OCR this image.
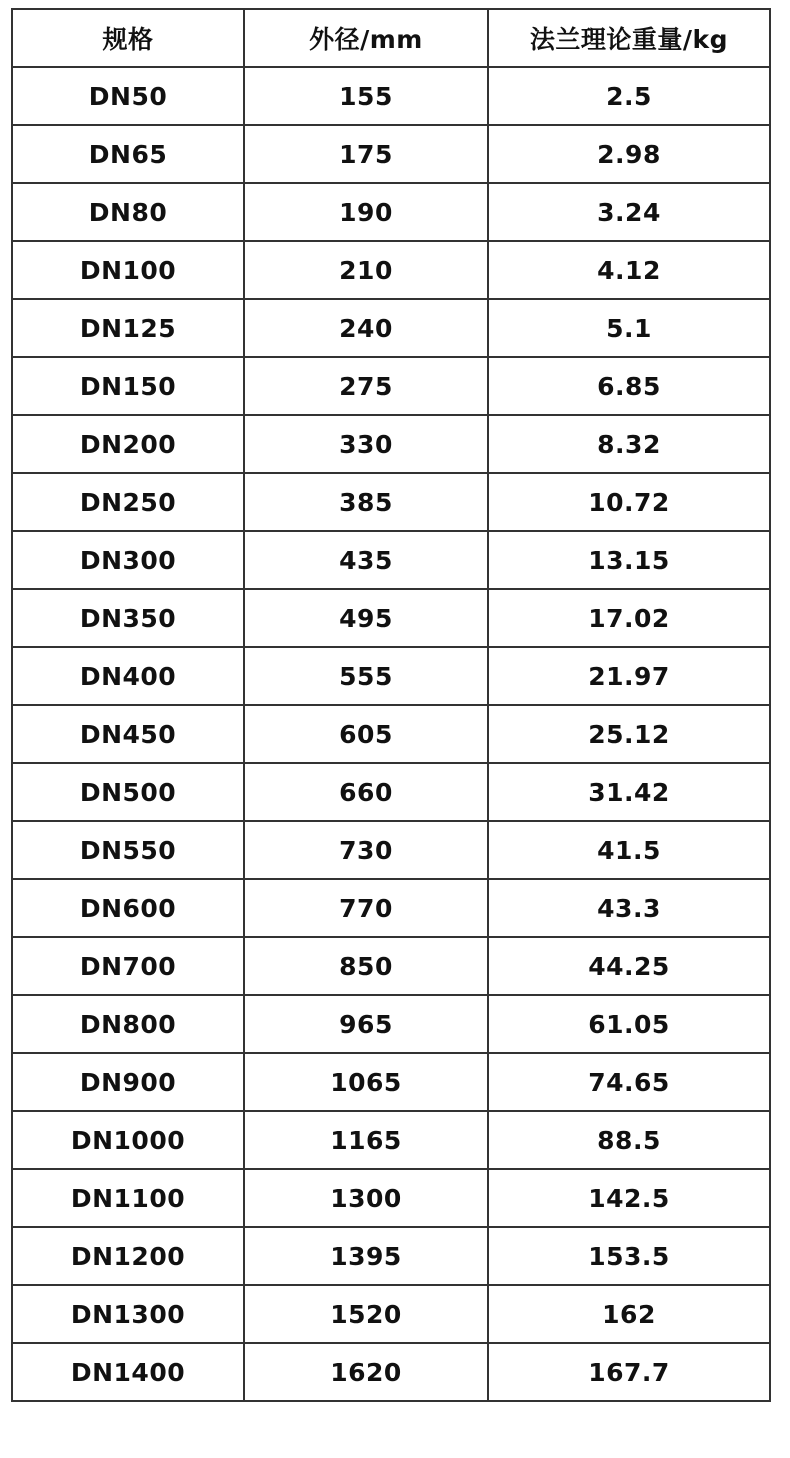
规格	外径/mm	法兰理论重量/kg
DN50	155	2.5
DN65	175	2.98
DN80	190	3.24
DN100	210	4.12
DN125	240	5.1
DN150	275	6.85
DN200	330	8.32
DN250	385	10.72
DN300	435	13.15
DN350	495	17.02
DN400	555	21.97
DN450	605	25.12
DN500	660	31.42
DN550	730	41.5
DN600	770	43.3
DN700	850	44.25
DN800	965	61.05
DN900	1065	74.65
DN1000	1165	88.5
DN1100	1300	142.5
DN1200	1395	153.5
DN1300	1520	162
DN1400	1620	167.7
